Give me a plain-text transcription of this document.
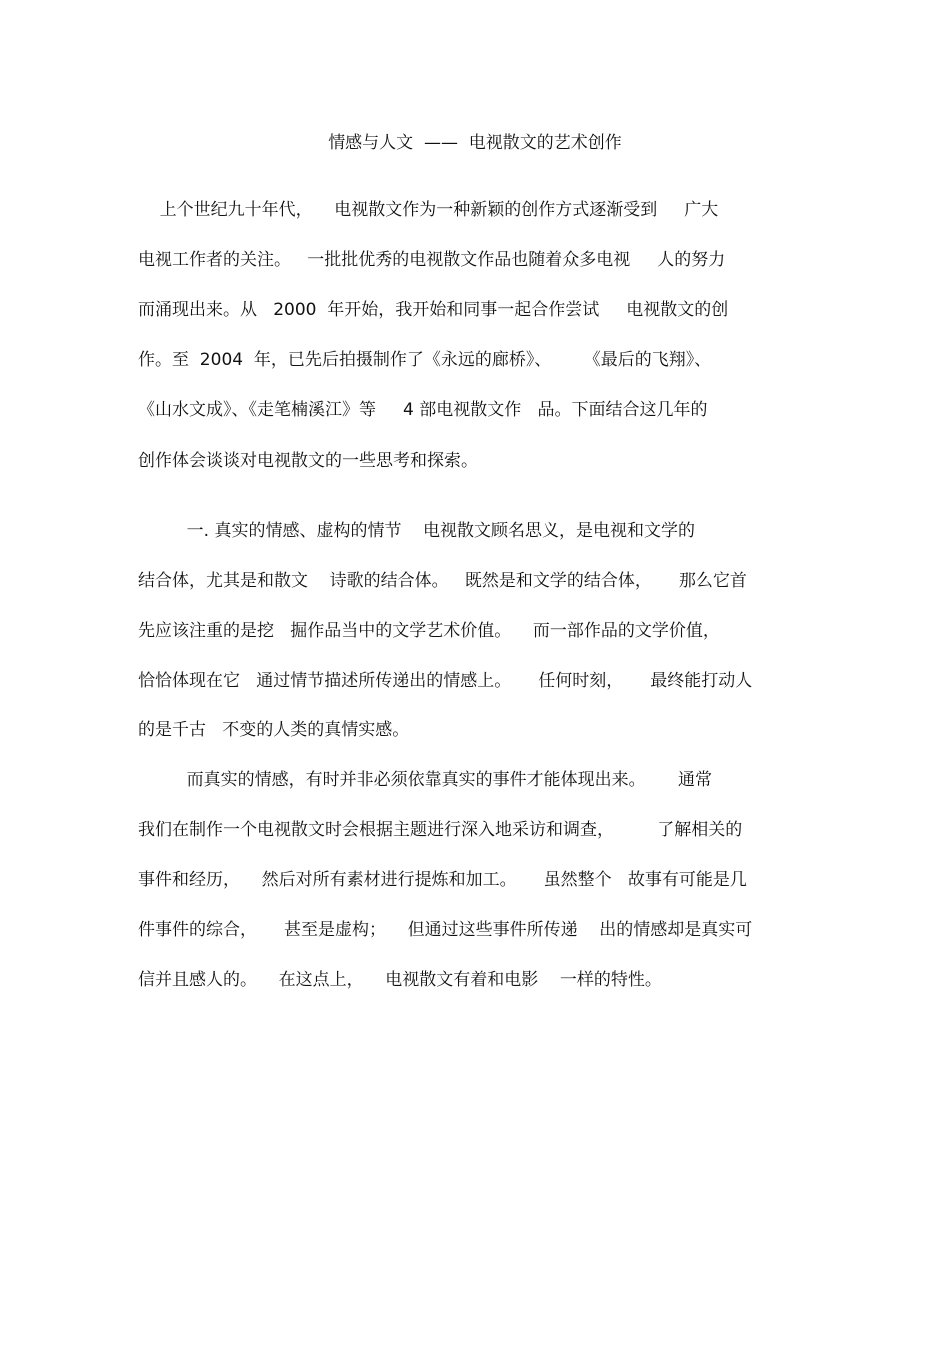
情感与人文  ——  电视散文的艺术创作
上个世纪九十年代，    电视散文作为一种新颖的创作方式逐渐受到     广大
电视工作者的关注。   一批批优秀的电视散文作品也随着众多电视     人的努力
而涌现出来。从   2000  年开始，我开始和同事一起合作尝试     电视散文的创
作。至  2004  年，已先后拍摄制作了《永远的廊桥》、      《最后的飞翔》、
《山水文成》、《走笔楠溪江》等     4 部电视散文作   品。下面结合这几年的
创作体会谈谈对电视散文的一些思考和探索。
一. 真实的情感、虚构的情节    电视散文顾名思义，是电视和文学的
结合体，尤其是和散文    诗歌的结合体。   既然是和文学的结合体，     那么它首
先应该注重的是挖   掘作品当中的文学艺术价值。    而一部作品的文学价值，
恰恰体现在它   通过情节描述所传递出的情感上。     任何时刻，     最终能打动人
的是千古   不变的人类的真情实感。
而真实的情感，有时并非必须依靠真实的事件才能体现出来。      通常
我们在制作一个电视散文时会根据主题进行深入地采访和调查，        了解相关的
事件和经历，    然后对所有素材进行提炼和加工。     虽然整个   故事有可能是几
件事件的综合，     甚至是虚构；    但通过这些事件所传递    出的情感却是真实可
信并且感人的。    在这点上，    电视散文有着和电影    一样的特性。
